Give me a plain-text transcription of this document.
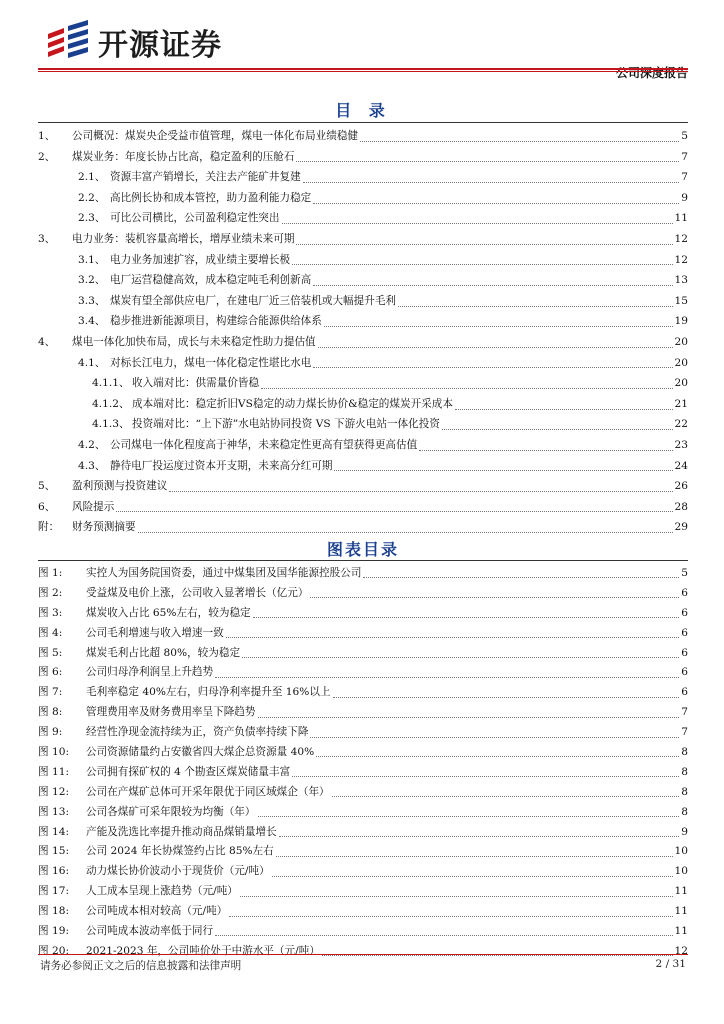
开源证券
公司深度报告
目 录
1、	公司概况：煤炭央企受益市值管理，煤电一体化布局业绩稳健	5
2、	煤炭业务：年度长协占比高，稳定盈利的压舱石	7
2.1、 资源丰富产销增长，关注去产能矿井复建	7
2.2、 高比例长协和成本管控，助力盈利能力稳定	9
2.3、 可比公司横比，公司盈利稳定性突出	11
3、	电力业务：装机容量高增长，增厚业绩未来可期	12
3.1、 电力业务加速扩容，成业绩主要增长极	12
3.2、 电厂运营稳健高效，成本稳定吨毛利创新高	13
3.3、 煤炭有望全部供应电厂，在建电厂近三倍装机或大幅提升毛利	15
3.4、 稳步推进新能源项目，构建综合能源供给体系	19
4、	煤电一体化加快布局，成长与未来稳定性助力提估值	20
4.1、 对标长江电力，煤电一体化稳定性堪比水电	20
4.1.1、 收入端对比：供需量价皆稳	20
4.1.2、 成本端对比：稳定折旧VS稳定的动力煤长协价&稳定的煤炭开采成本	21
4.1.3、 投资端对比：“上下游”水电站协同投资 VS 下游火电站一体化投资	22
4.2、 公司煤电一体化程度高于神华，未来稳定性更高有望获得更高估值	23
4.3、 静待电厂投运度过资本开支期，未来高分红可期	24
5、	盈利预测与投资建议	26
6、	风险提示	28
附：	财务预测摘要	29
图表目录
图 1:	实控人为国务院国资委，通过中煤集团及国华能源控股公司	5
图 2:	受益煤及电价上涨，公司收入显著增长（亿元）	6
图 3:	煤炭收入占比 65%左右，较为稳定	6
图 4:	公司毛利增速与收入增速一致	6
图 5:	煤炭毛利占比超 80%，较为稳定	6
图 6:	公司归母净利润呈上升趋势	6
图 7:	毛利率稳定 40%左右，归母净利率提升至 16%以上	6
图 8:	管理费用率及财务费用率呈下降趋势	7
图 9:	经营性净现金流持续为正，资产负债率持续下降	7
图 10:	公司资源储量约占安徽省四大煤企总资源量 40%	8
图 11:	公司拥有探矿权的 4 个勘查区煤炭储量丰富	8
图 12:	公司在产煤矿总体可开采年限优于同区域煤企（年）	8
图 13:	公司各煤矿可采年限较为均衡（年）	8
图 14:	产能及洗选比率提升推动商品煤销量增长	9
图 15:	公司 2024 年长协煤签约占比 85%左右	10
图 16:	动力煤长协价波动小于现货价（元/吨）	10
图 17:	人工成本呈现上涨趋势（元/吨）	11
图 18:	公司吨成本相对较高（元/吨）	11
图 19:	公司吨成本波动率低于同行	11
图 20:	2021-2023 年，公司吨价处于中游水平（元/吨）	12
请务必参阅正文之后的信息披露和法律声明	2 / 31
